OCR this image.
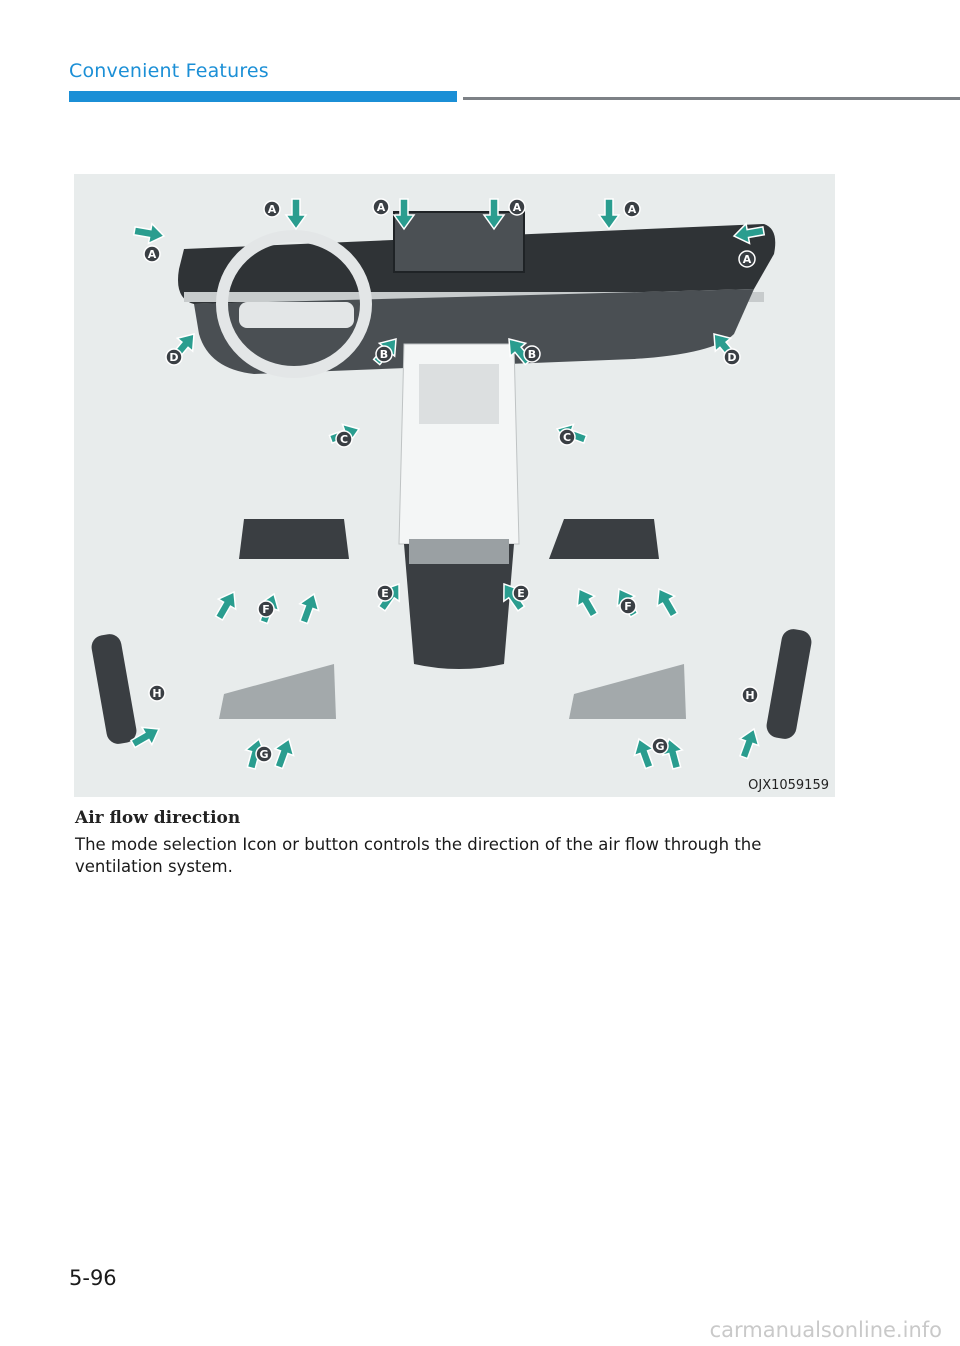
Convenient Features
A	A	A	A
A	A
B	B
C	C
D	D
E	E
F	F
G
G
H	H
OJX1059159
Air flow direction
The mode selection Icon or button controls the direction of the air flow through the ventilation system.
5-96
carmanualsonline.info
